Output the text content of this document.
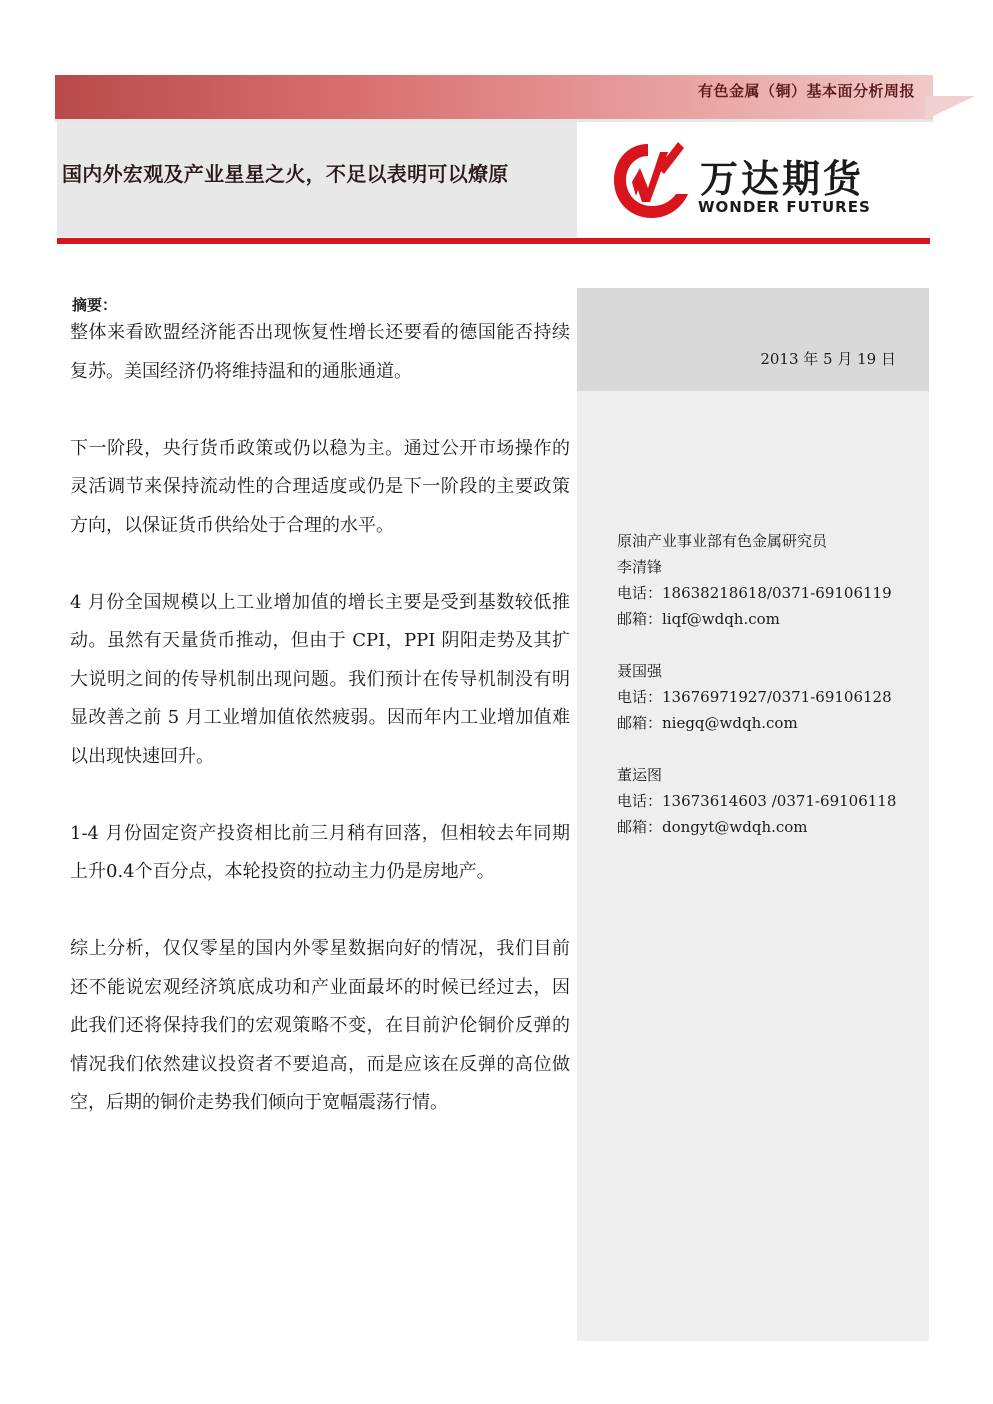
有色金属（铜）基本面分析周报
国内外宏观及产业星星之火，不足以表明可以燎原	万达期货
WONDER FUTURES
2013 年 5 月 19 日
原油产业事业部有色金属研究员
李清锋
电话：18638218618/0371-69106119
邮箱：liqf@wdqh.com
聂国强
电话：13676971927/0371-69106128
邮箱：niegq@wdqh.com
董运图
电话：13673614603 /0371-69106118
邮箱：dongyt@wdqh.com
摘要：

整体来看欧盟经济能否出现恢复性增长还要看的德国能否持续复苏。美国经济仍将维持温和的通胀通道。

下一阶段，央行货币政策或仍以稳为主。通过公开市场操作的灵活调节来保持流动性的合理适度或仍是下一阶段的主要政策方向，以保证货币供给处于合理的水平。

4 月份全国规模以上工业增加值的增长主要是受到基数较低推动。虽然有天量货币推动，但由于 CPI，PPI 阴阳走势及其扩大说明之间的传导机制出现问题。我们预计在传导机制没有明显改善之前 5 月工业增加值依然疲弱。因而年内工业增加值难以出现快速回升。

1-4 月份固定资产投资相比前三月稍有回落，但相较去年同期上升0.4个百分点，本轮投资的拉动主力仍是房地产。

综上分析，仅仅零星的国内外零星数据向好的情况，我们目前还不能说宏观经济筑底成功和产业面最坏的时候已经过去，因此我们还将保持我们的宏观策略不变，在目前沪伦铜价反弹的情况我们依然建议投资者不要追高，而是应该在反弹的高位做空，后期的铜价走势我们倾向于宽幅震荡行情。
